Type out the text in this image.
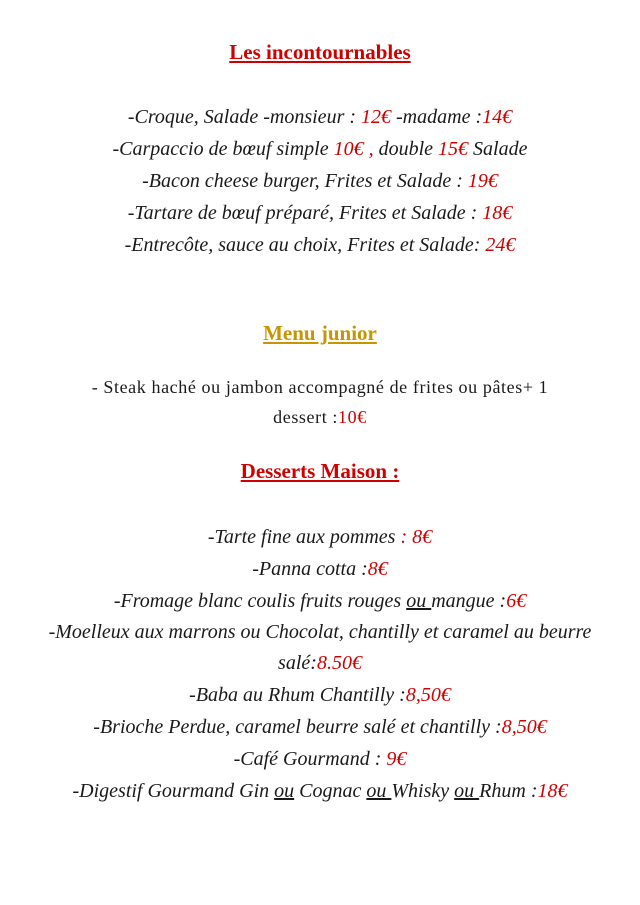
Les incontournables
Menu junior
Desserts Maison :
-Croque, Salade -monsieur : 12€ -madame :14€
-Carpaccio de bœuf simple 10€ , double 15€ Salade
-Bacon cheese burger, Frites et Salade : 19€
-Tartare de bœuf préparé, Frites et Salade : 18€
-Entrecôte, sauce au choix, Frites et Salade: 24€
- Steak haché ou jambon accompagné de frites ou pâtes+ 1
dessert :10€
-Tarte fine aux pommes : 8€
-Panna cotta :8€
-Fromage blanc coulis fruits rouges ou mangue :6€
-Moelleux aux marrons ou Chocolat, chantilly et caramel au beurre
salé:8.50€
-Baba au Rhum Chantilly :8,50€
-Brioche Perdue, caramel beurre salé et chantilly :8,50€
-Café Gourmand : 9€
-Digestif Gourmand Gin ou Cognac ou Whisky ou Rhum :18€
